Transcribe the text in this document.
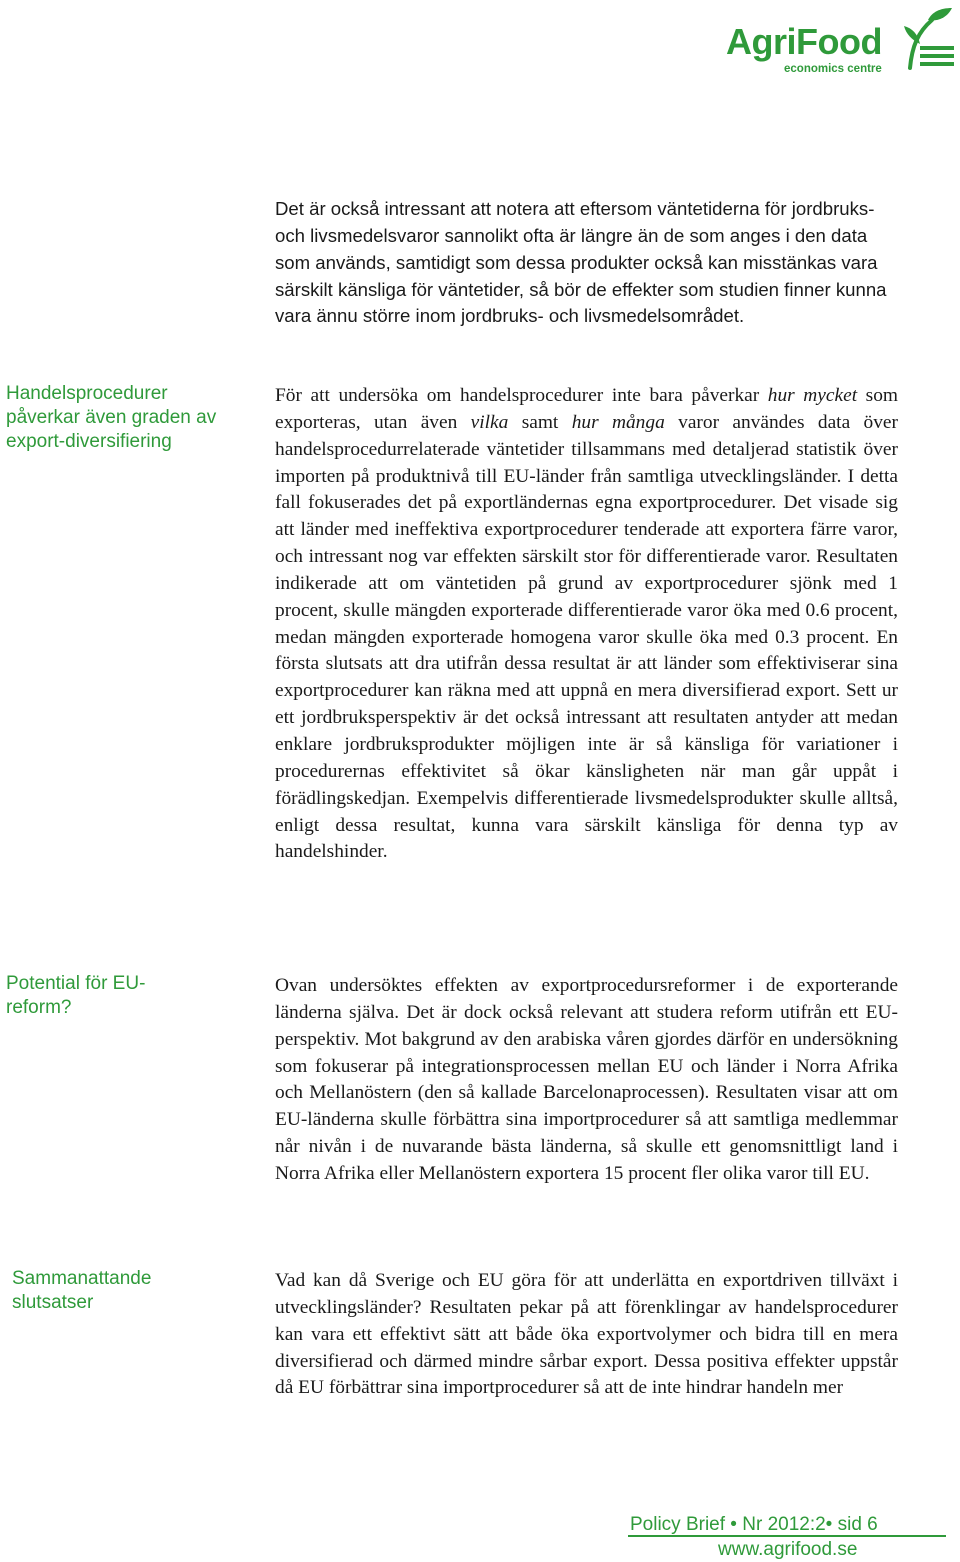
AgriFood
economics centre
Handelsprocedurer påverkar även graden av export-diversifiering
Potential för EU-reform?
Sammanattande slutsatser

Det är också intressant att notera att eftersom väntetiderna för jordbruks- och livsmedelsvaror sannolikt ofta är längre än de som anges i den data som används, samtidigt som dessa produkter också kan misstänkas vara särskilt känsliga för väntetider, så bör de effekter som studien finner kunna vara ännu större inom jordbruks- och livsmedelsområdet.

För att undersöka om handelsprocedurer inte bara påverkar hur mycket som exporteras, utan även vilka samt hur många varor användes data över handelsprocedurrelaterade väntetider tillsammans med detaljerad statistik över importen på produktnivå till EU-länder från samtliga utvecklingsländer. I detta fall fokuserades det på exportländernas egna exportprocedurer. Det visade sig att länder med ineffektiva exportprocedurer tenderade att exportera färre varor, och intressant nog var effekten särskilt stor för differentierade varor. Resultaten indikerade att om väntetiden på grund av exportprocedurer sjönk med 1 procent, skulle mängden exporterade differentierade varor öka med 0.6 procent, medan mängden exporterade homogena varor skulle öka med 0.3 procent. En första slutsats att dra utifrån dessa resultat är att länder som effektiviserar sina exportprocedurer kan räkna med att uppnå en mera diversifierad export. Sett ur ett jordbruksperspektiv är det också intressant att resultaten antyder att medan enklare jordbruksprodukter möjligen inte är så känsliga för variationer i procedurernas effektivitet så ökar känsligheten när man går uppåt i förädlingskedjan. Exempelvis differentierade livsmedelsprodukter skulle alltså, enligt dessa resultat, kunna vara särskilt känsliga för denna typ av handelshinder.

Ovan undersöktes effekten av exportprocedursreformer i de exporterande länderna själva. Det är dock också relevant att studera reform utifrån ett EU-perspektiv. Mot bakgrund av den arabiska våren gjordes därför en undersökning som fokuserar på integrationsprocessen mellan EU och länder i Norra Afrika och Mellanöstern (den så kallade Barcelonaprocessen). Resultaten visar att om EU-länderna skulle förbättra sina importprocedurer så att samtliga medlemmar når nivån i de nuvarande bästa länderna, så skulle ett genomsnittligt land i Norra Afrika eller Mellanöstern exportera 15 procent fler olika varor till EU.

Vad kan då Sverige och EU göra för att underlätta en exportdriven tillväxt i utvecklingsländer? Resultaten pekar på att förenklingar av handelsprocedurer kan vara ett effektivt sätt att både öka exportvolymer och bidra till en mera diversifierad och därmed mindre sårbar export. Dessa positiva effekter uppstår då EU förbättrar sina importprocedurer så att de inte hindrar handeln mer

Policy Brief • Nr 2012:2• sid 6
www.agrifood.se
